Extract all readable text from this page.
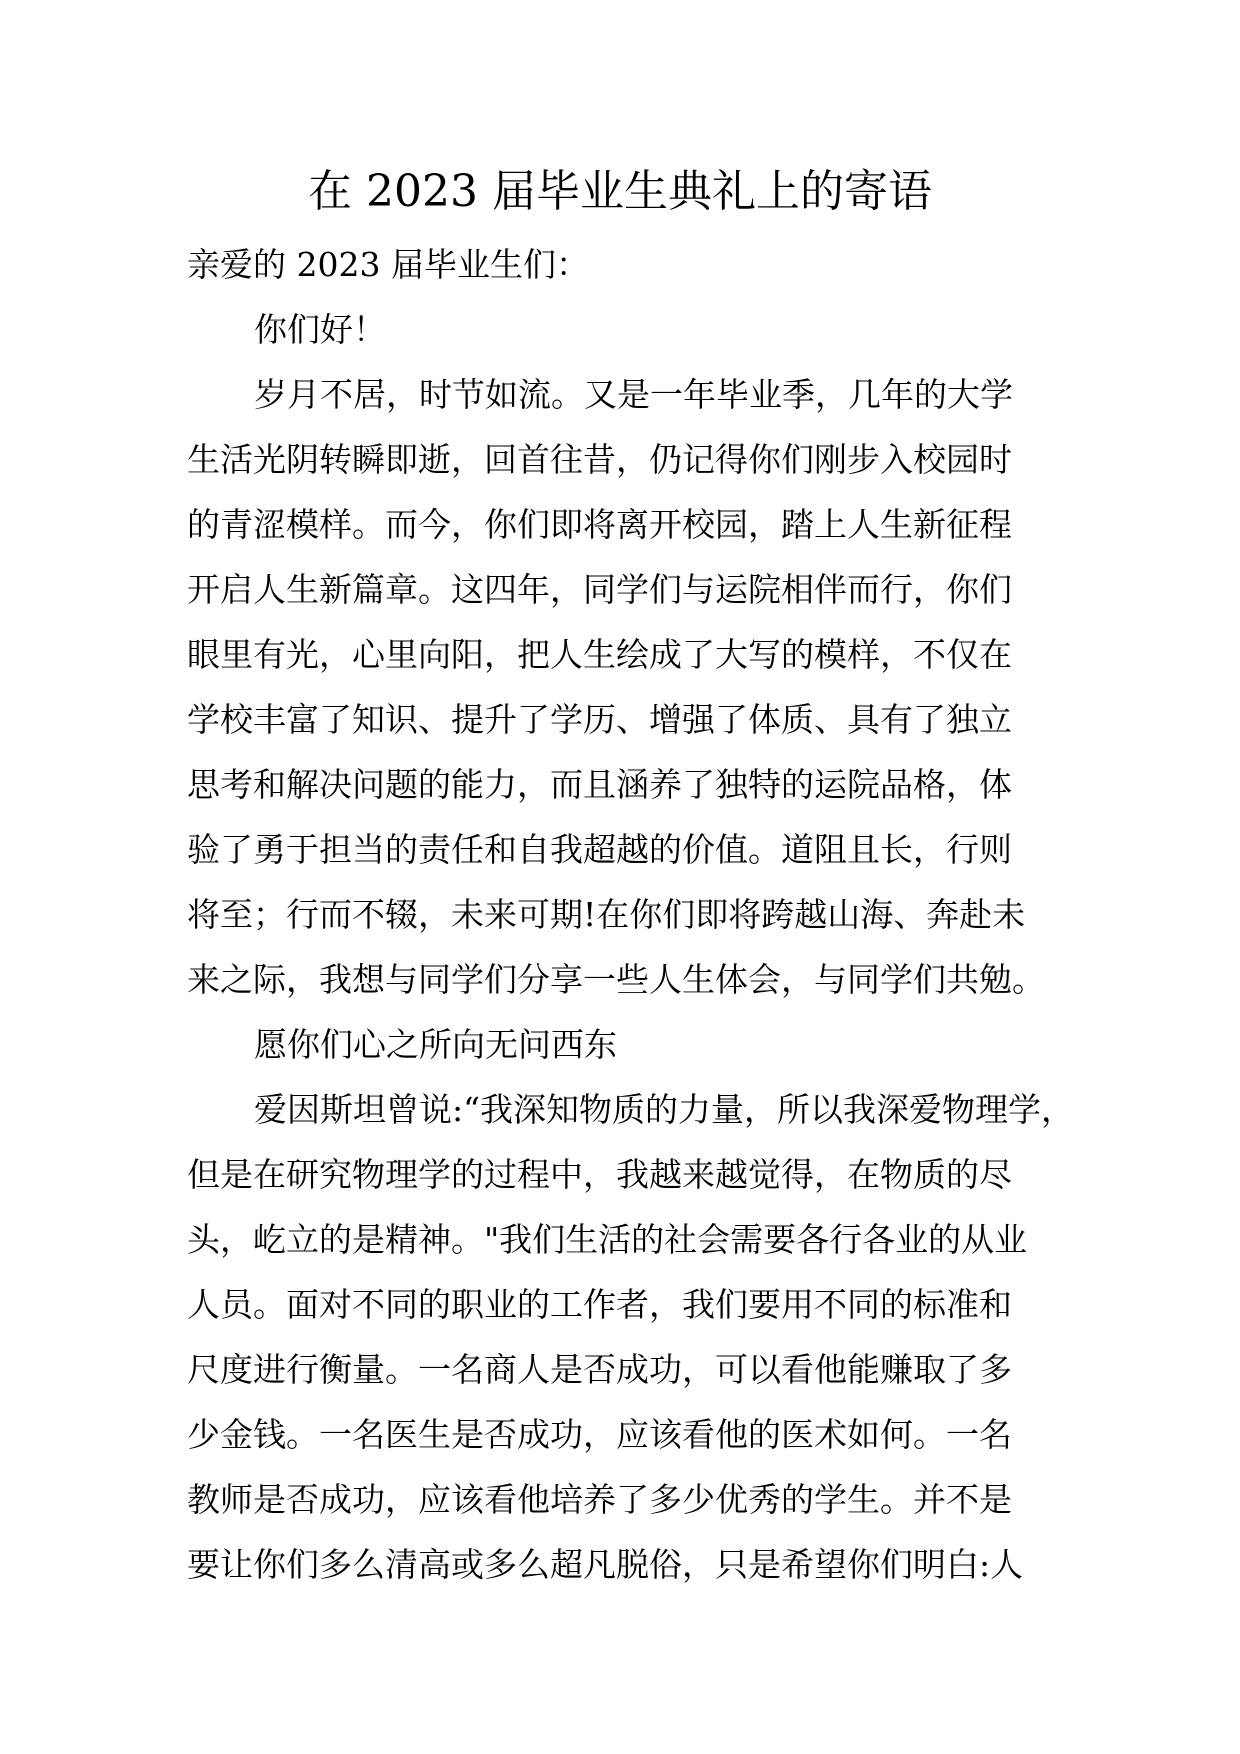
在 2023 届毕业生典礼上的寄语

亲爱的 2023 届毕业生们：

你们好！

岁月不居，时节如流。又是一年毕业季，几年的大学

生活光阴转瞬即逝，回首往昔，仍记得你们刚步入校园时

的青涩模样。而今，你们即将离开校园，踏上人生新征程

开启人生新篇章。这四年，同学们与运院相伴而行，你们

眼里有光，心里向阳，把人生绘成了大写的模样，不仅在

学校丰富了知识、提升了学历、增强了体质、具有了独立

思考和解决问题的能力，而且涵养了独特的运院品格，体

验了勇于担当的责任和自我超越的价值。道阻且长，行则

将至；行而不辍，未来可期!在你们即将跨越山海、奔赴未

来之际，我想与同学们分享一些人生体会，与同学们共勉。

愿你们心之所向无问西东

爱因斯坦曾说:“我深知物质的力量，所以我深爱物理学，

但是在研究物理学的过程中，我越来越觉得，在物质的尽

头，屹立的是精神。"我们生活的社会需要各行各业的从业

人员。面对不同的职业的工作者，我们要用不同的标准和

尺度进行衡量。一名商人是否成功，可以看他能赚取了多

少金钱。一名医生是否成功，应该看他的医术如何。一名

教师是否成功，应该看他培养了多少优秀的学生。并不是

要让你们多么清高或多么超凡脱俗，只是希望你们明白:人
